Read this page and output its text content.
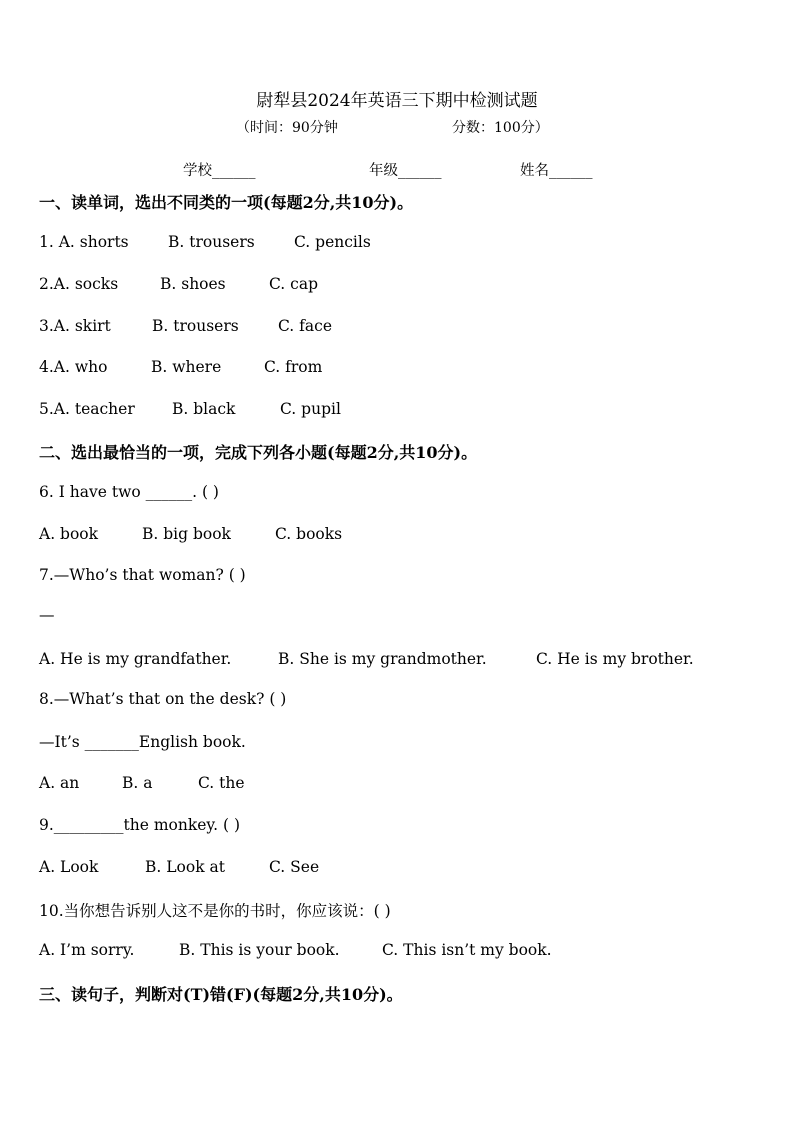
尉犁县2024年英语三下期中检测试题
（时间：90分钟	分数：100分）
学校______	年级______	姓名______
一、读单词，选出不同类的一项(每题2分,共10分)。
1. A. shorts	B. trousers	C. pencils
2.A. socks	B. shoes	C. cap
3.A. skirt	B. trousers	C. face
4.A. who	B. where	C. from
5.A. teacher B. black	C. pupil
二、选出最恰当的一项，完成下列各小题(每题2分,共10分)。
6. I have two ______. ( )
A. book	B. big book	C. books
7.—Who’s that woman? ( )
—
A. He is my grandfather.	B. She is my grandmother.	C. He is my brother.
8.—What’s that on the desk? ( )
—It’s _______English book.
A. an	B. a	C. the
9._________the monkey. ( )
A. Look	B. Look at	C. See
10.当你想告诉别人这不是你的书时，你应该说：( )
A. I’m sorry.	B. This is your book.	C. This isn’t my book.
三、读句子，判断对(T)错(F)(每题2分,共10分)。
